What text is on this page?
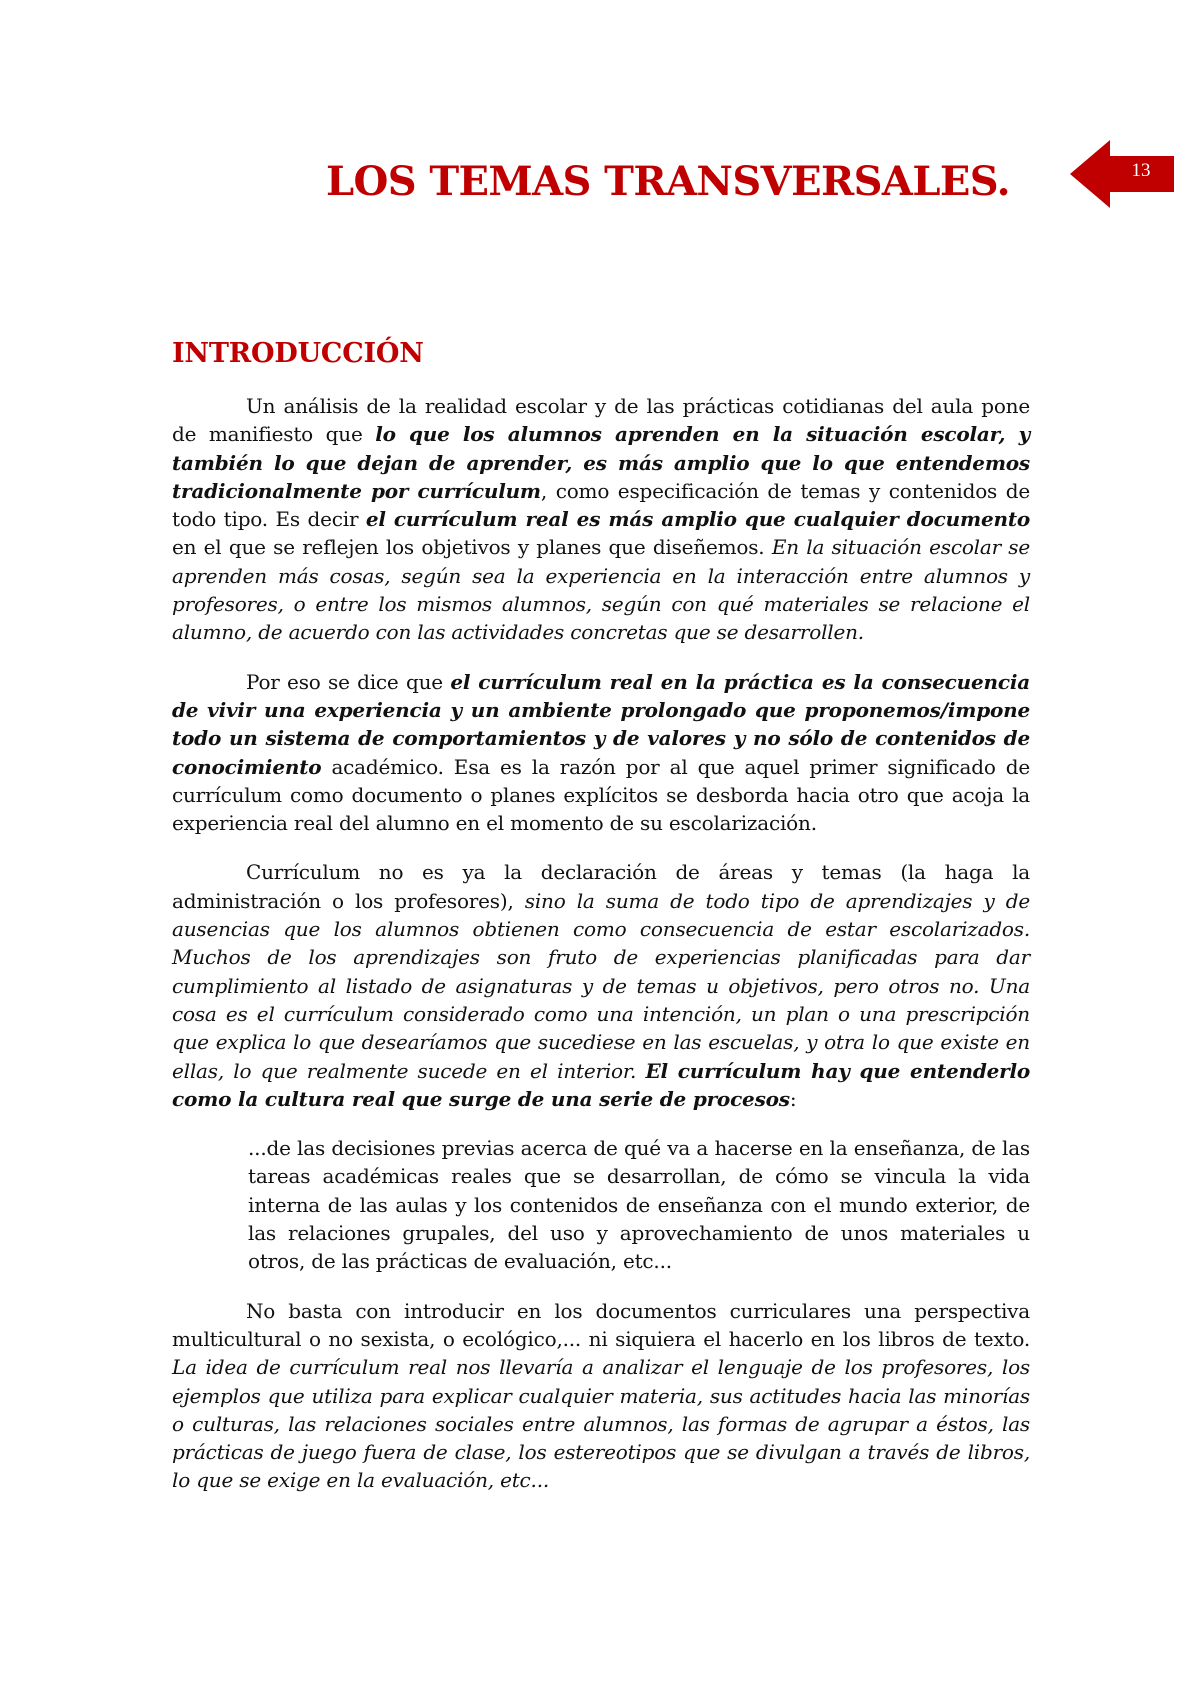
13
LOS TEMAS TRANSVERSALES.
INTRODUCCIÓN

Un análisis de la realidad escolar y de las prácticas cotidianas del aula pone de manifiesto que lo que los alumnos aprenden en la situación escolar, y también lo que dejan de aprender, es más amplio que lo que entendemos tradicionalmente por currículum, como especificación de temas y contenidos de todo tipo. Es decir el currículum real es más amplio que cualquier documento en el que se reflejen los objetivos y planes que diseñemos. En la situación escolar se aprenden más cosas, según sea la experiencia en la interacción entre alumnos y profesores, o entre los mismos alumnos, según con qué materiales se relacione el alumno, de acuerdo con las actividades concretas que se desarrollen.

Por eso se dice que el currículum real en la práctica es la consecuencia de vivir una experiencia y un ambiente prolongado que proponemos/impone todo un sistema de comportamientos y de valores y no sólo de contenidos de conocimiento académico. Esa es la razón por al que aquel primer significado de currículum como documento o planes explícitos se desborda hacia otro que acoja la experiencia real del alumno en el momento de su escolarización.

Currículum no es ya la declaración de áreas y temas (la haga la administración o los profesores), sino la suma de todo tipo de aprendizajes y de ausencias que los alumnos obtienen como consecuencia de estar escolarizados. Muchos de los aprendizajes son fruto de experiencias planificadas para dar cumplimiento al listado de asignaturas y de temas u objetivos, pero otros no. Una cosa es el currículum considerado como una intención, un plan o una prescripción que explica lo que desearíamos que sucediese en las escuelas, y otra lo que existe en ellas, lo que realmente sucede en el interior. El currículum hay que entenderlo como la cultura real que surge de una serie de procesos:

...de las decisiones previas acerca de qué va a hacerse en la enseñanza, de las tareas académicas reales que se desarrollan, de cómo se vincula la vida interna de las aulas y los contenidos de enseñanza con el mundo exterior, de las relaciones grupales, del uso y aprovechamiento de unos materiales u otros, de las prácticas de evaluación, etc...

No basta con introducir en los documentos curriculares una perspectiva multicultural o no sexista, o ecológico,... ni siquiera el hacerlo en los libros de texto. La idea de currículum real nos llevaría a analizar el lenguaje de los profesores, los ejemplos que utiliza para explicar cualquier materia, sus actitudes hacia las minorías o culturas, las relaciones sociales entre alumnos, las formas de agrupar a éstos, las prácticas de juego fuera de clase, los estereotipos que se divulgan a través de libros, lo que se exige en la evaluación, etc...
